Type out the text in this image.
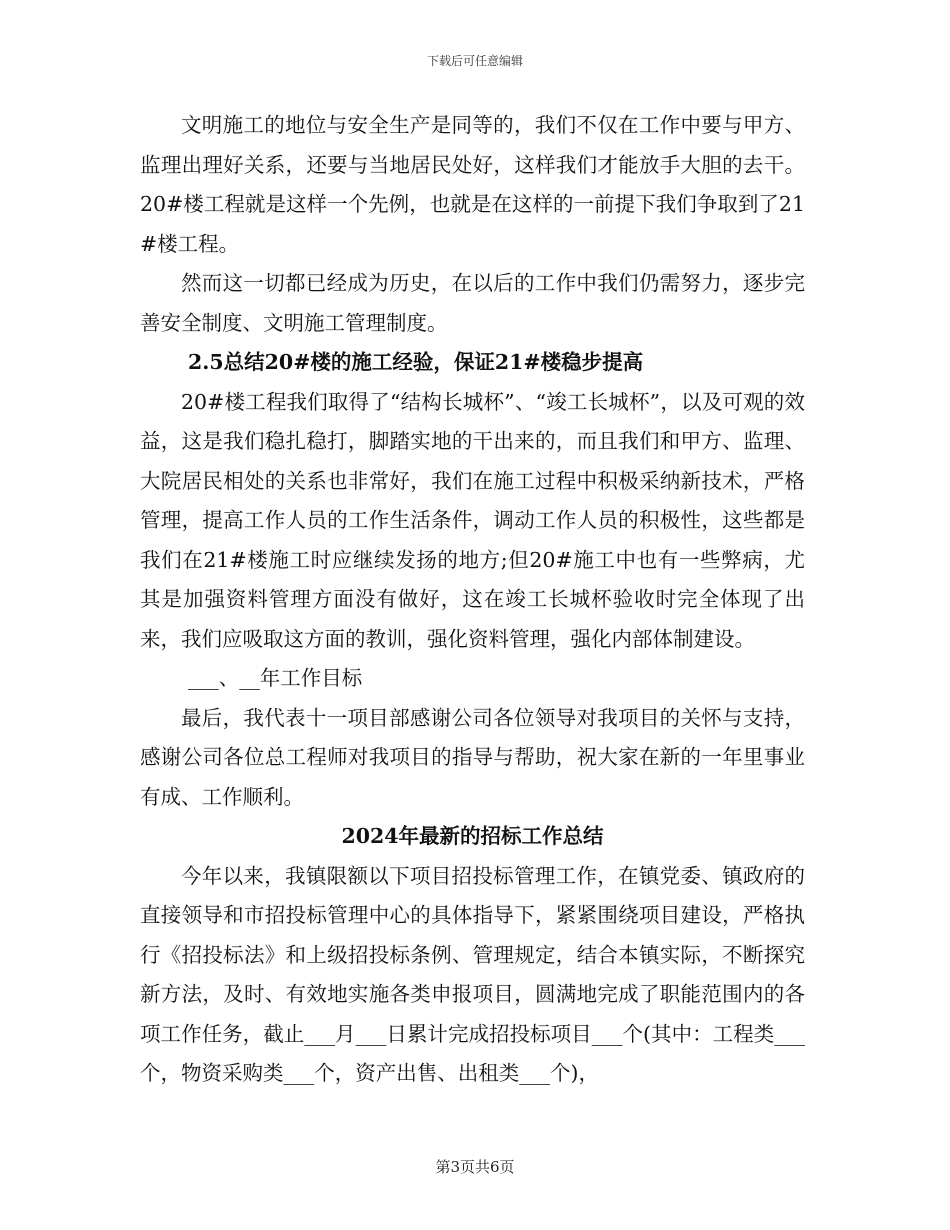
下载后可任意编辑

文明施工的地位与安全生产是同等的，我们不仅在工作中要与甲方、监理出理好关系，还要与当地居民处好，这样我们才能放手大胆的去干。20#楼工程就是这样一个先例，也就是在这样的一前提下我们争取到了21#楼工程。

然而这一切都已经成为历史，在以后的工作中我们仍需努力，逐步完善安全制度、文明施工管理制度。

2.5总结20#楼的施工经验，保证21#楼稳步提高

20#楼工程我们取得了“结构长城杯”、“竣工长城杯”，以及可观的效益，这是我们稳扎稳打，脚踏实地的干出来的，而且我们和甲方、监理、大院居民相处的关系也非常好，我们在施工过程中积极采纳新技术，严格管理，提高工作人员的工作生活条件，调动工作人员的积极性，这些都是我们在21#楼施工时应继续发扬的地方;但20#施工中也有一些弊病，尤其是加强资料管理方面没有做好，这在竣工长城杯验收时完全体现了出来，我们应吸取这方面的教训，强化资料管理，强化内部体制建设。

___、__年工作目标

最后，我代表十一项目部感谢公司各位领导对我项目的关怀与支持，感谢公司各位总工程师对我项目的指导与帮助，祝大家在新的一年里事业有成、工作顺利。

2024年最新的招标工作总结

今年以来，我镇限额以下项目招投标管理工作，在镇党委、镇政府的直接领导和市招投标管理中心的具体指导下，紧紧围绕项目建设，严格执行《招投标法》和上级招投标条例、管理规定，结合本镇实际，不断探究新方法，及时、有效地实施各类申报项目，圆满地完成了职能范围内的各项工作任务，截止___月___日累计完成招投标项目___个(其中：工程类___个，物资采购类___个，资产出售、出租类___个)，

第3页共6页
